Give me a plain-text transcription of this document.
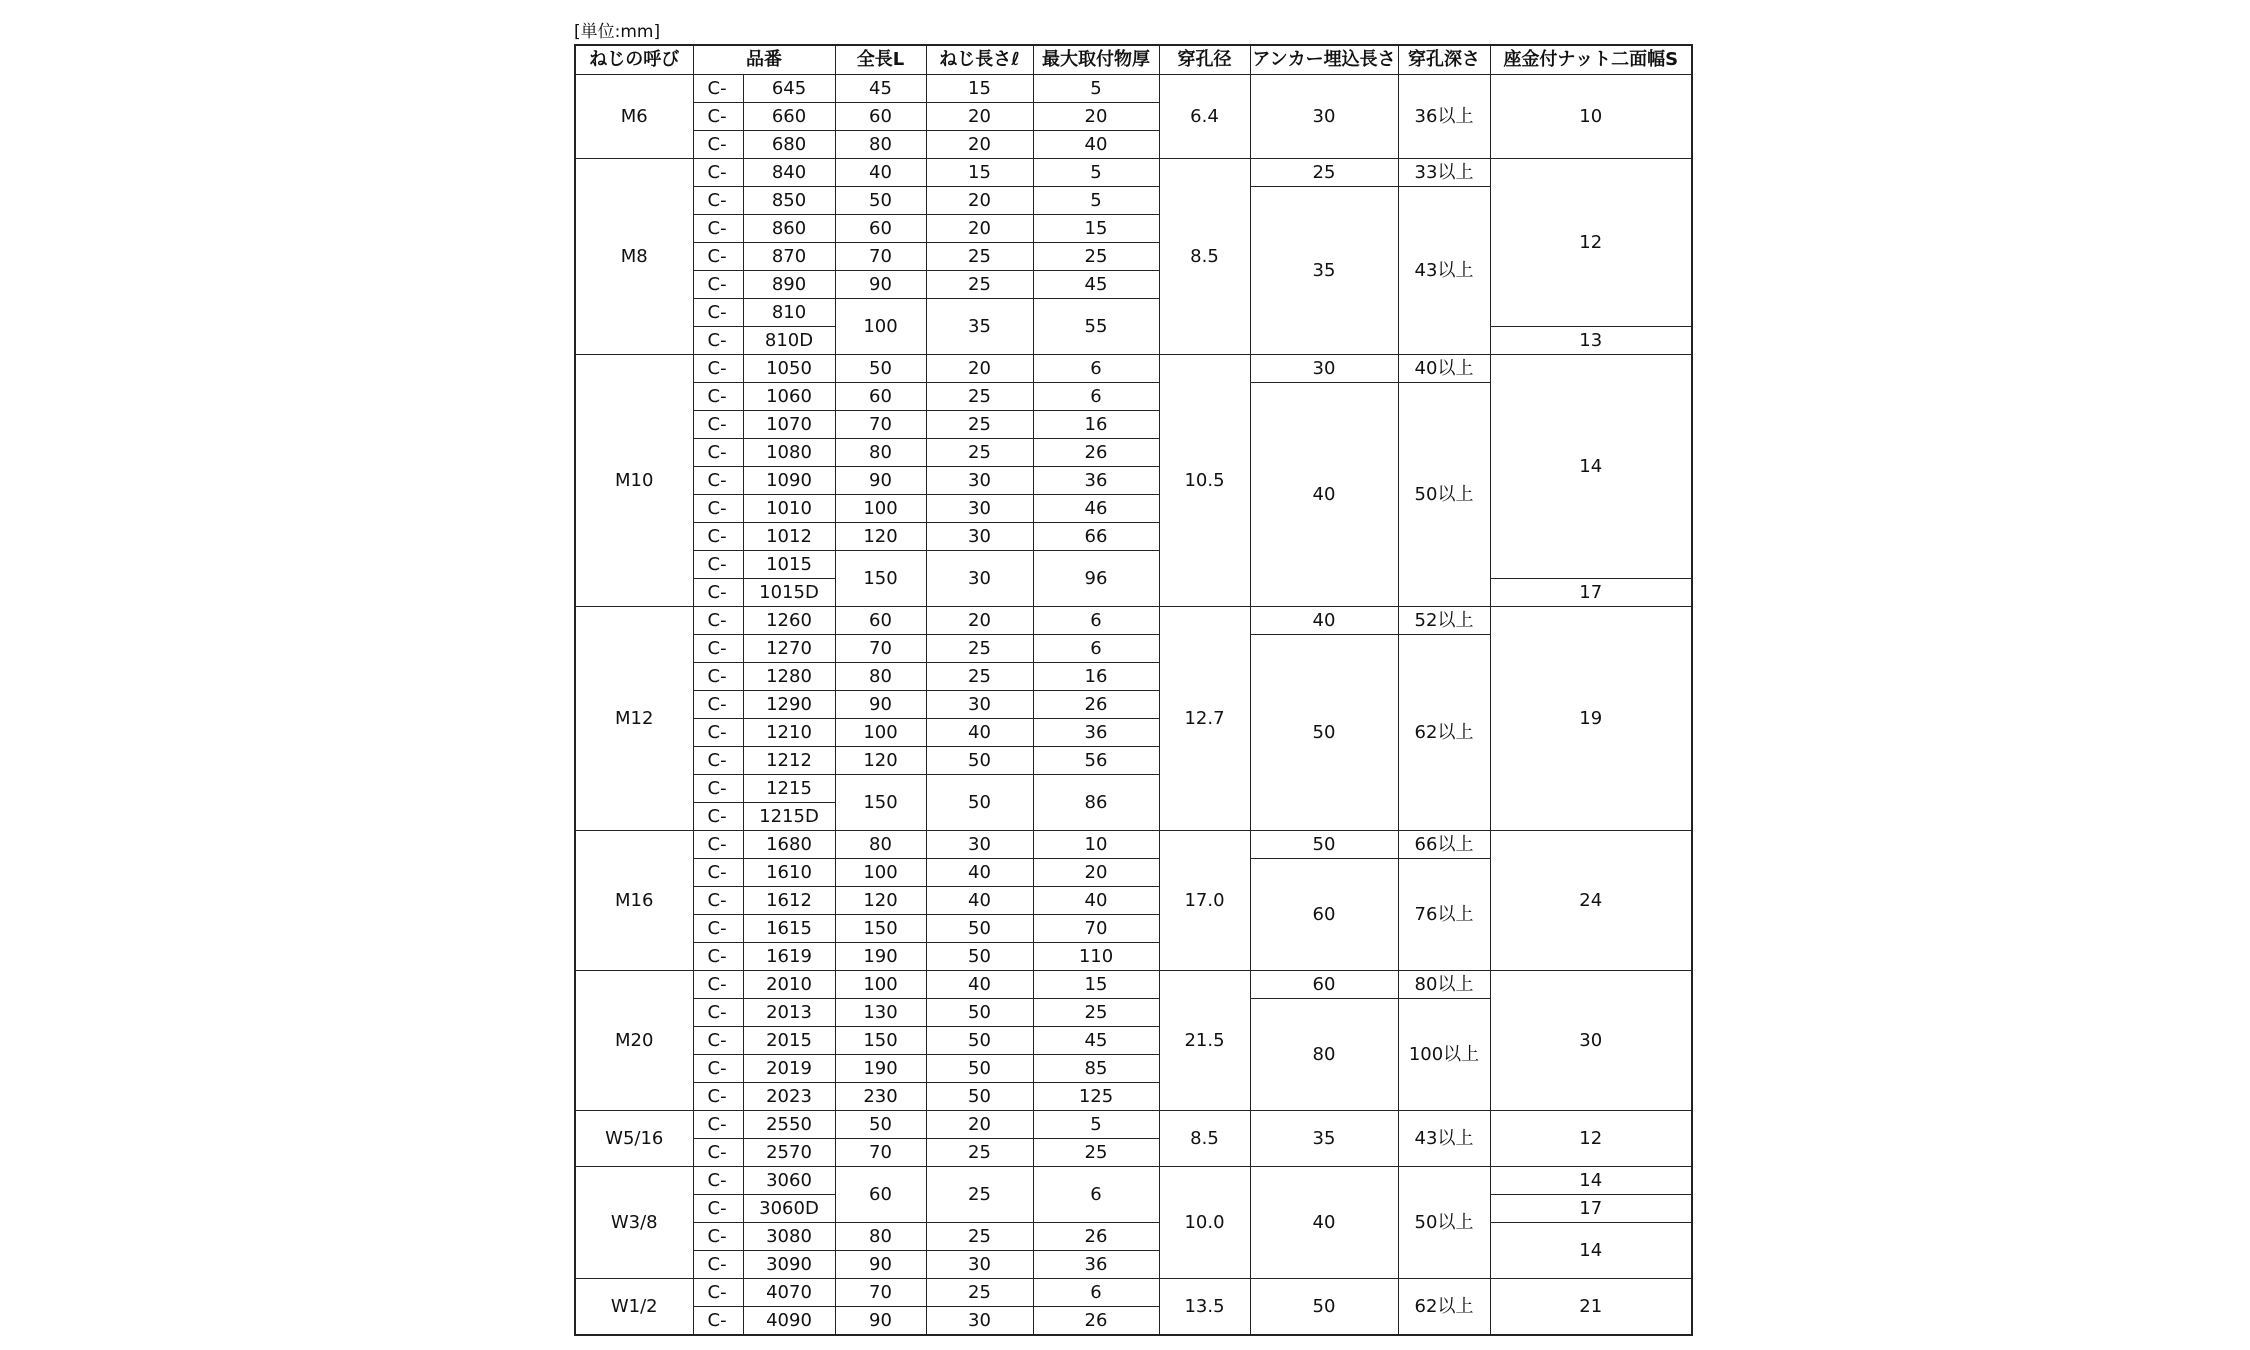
[単位:mm]
ねじの呼び	品番		全長L	ねじ長さℓ	最大取付物厚	穿孔径	アンカー埋込長さ	穿孔深さ	座金付ナット二面幅S
M6	C-	645	45	15	5	6.4	30	36以上	10
	C-	660	60	20	20				
	C-	680	80	20	40				
M8	C-	840	40	15	5	8.5	25	33以上	12
	C-	850	50	20	5		35	43以上	
	C-	860	60	20	15				
	C-	870	70	25	25				
	C-	890	90	25	45				
	C-	810	100	35	55				
	C-	810D							13
M10	C-	1050	50	20	6	10.5	30	40以上	14
	C-	1060	60	25	6		40	50以上	
	C-	1070	70	25	16				
	C-	1080	80	25	26				
	C-	1090	90	30	36				
	C-	1010	100	30	46				
	C-	1012	120	30	66				
	C-	1015	150	30	96				
	C-	1015D							17
M12	C-	1260	60	20	6	12.7	40	52以上	19
	C-	1270	70	25	6		50	62以上	
	C-	1280	80	25	16				
	C-	1290	90	30	26				
	C-	1210	100	40	36				
	C-	1212	120	50	56				
	C-	1215	150	50	86				
	C-	1215D							
M16	C-	1680	80	30	10	17.0	50	66以上	24
	C-	1610	100	40	20		60	76以上	
	C-	1612	120	40	40				
	C-	1615	150	50	70				
	C-	1619	190	50	110				
M20	C-	2010	100	40	15	21.5	60	80以上	30
	C-	2013	130	50	25		80	100以上	
	C-	2015	150	50	45				
	C-	2019	190	50	85				
	C-	2023	230	50	125				
W5/16	C-	2550	50	20	5	8.5	35	43以上	12
	C-	2570	70	25	25				
W3/8	C-	3060	60	25	6	10.0	40	50以上	14
	C-	3060D							17
	C-	3080	80	25	26				14
	C-	3090	90	30	36				
W1/2	C-	4070	70	25	6	13.5	50	62以上	21
	C-	4090	90	30	26				
